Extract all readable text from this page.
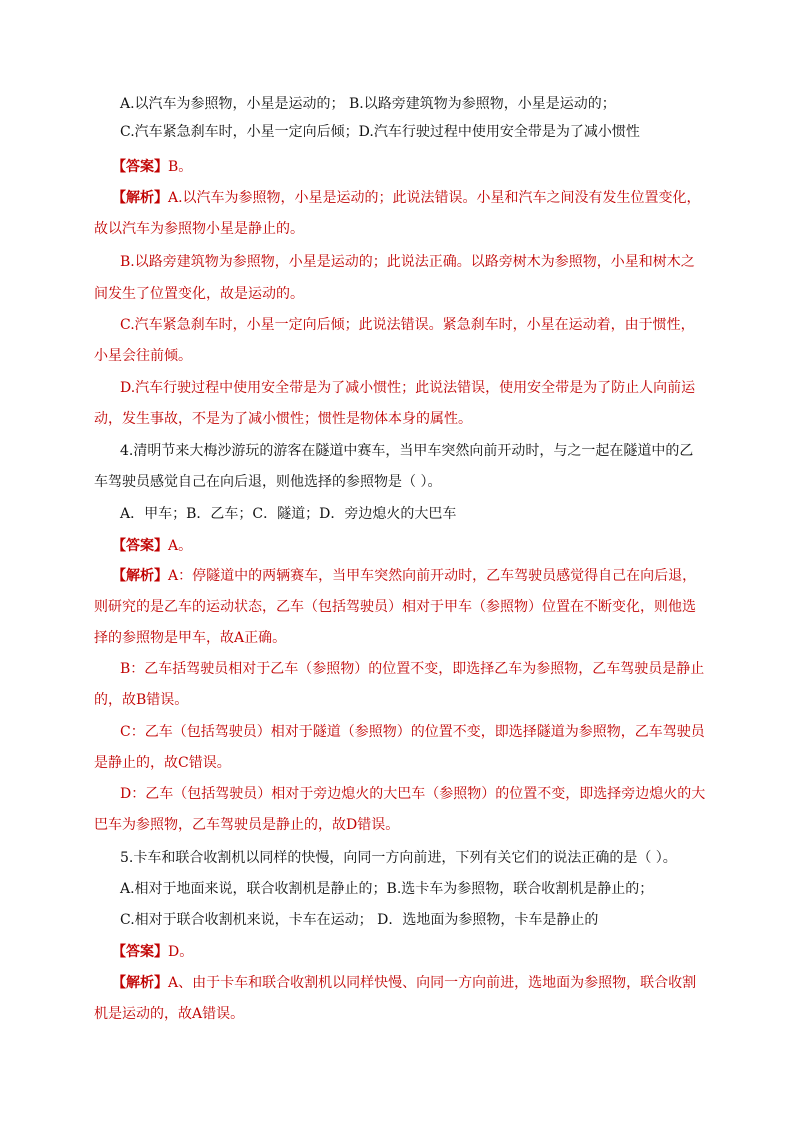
A.以汽车为参照物，小星是运动的； B.以路旁建筑物为参照物，小星是运动的；
C.汽车紧急刹车时，小星一定向后倾；D.汽车行驶过程中使用安全带是为了减小惯性
【答案】B。
【解析】A.以汽车为参照物，小星是运动的；此说法错误。小星和汽车之间没有发生位置变化，
故以汽车为参照物小星是静止的。
B.以路旁建筑物为参照物，小星是运动的；此说法正确。以路旁树木为参照物，小星和树木之
间发生了位置变化，故是运动的。
C.汽车紧急刹车时，小星一定向后倾；此说法错误。紧急刹车时，小星在运动着，由于惯性，
小星会往前倾。
D.汽车行驶过程中使用安全带是为了减小惯性；此说法错误，使用安全带是为了防止人向前运
动，发生事故，不是为了减小惯性；惯性是物体本身的属性。
4.清明节来大梅沙游玩的游客在隧道中赛车，当甲车突然向前开动时，与之一起在隧道中的乙
车驾驶员感觉自己在向后退，则他选择的参照物是（ ）。
A．甲车；B．乙车；C．隧道；D．旁边熄火的大巴车
【答案】A。
【解析】A：停隧道中的两辆赛车，当甲车突然向前开动时，乙车驾驶员感觉得自己在向后退，
则研究的是乙车的运动状态，乙车（包括驾驶员）相对于甲车（参照物）位置在不断变化，则他选
择的参照物是甲车，故A正确。
B：乙车括驾驶员相对于乙车（参照物）的位置不变，即选择乙车为参照物，乙车驾驶员是静止
的，故B错误。
C：乙车（包括驾驶员）相对于隧道（参照物）的位置不变，即选择隧道为参照物，乙车驾驶员
是静止的，故C错误。
D：乙车（包括驾驶员）相对于旁边熄火的大巴车（参照物）的位置不变，即选择旁边熄火的大
巴车为参照物，乙车驾驶员是静止的，故D错误。
5.卡车和联合收割机以同样的快慢，向同一方向前进，下列有关它们的说法正确的是（ ）。
A.相对于地面来说，联合收割机是静止的；B.选卡车为参照物，联合收割机是静止的；
C.相对于联合收割机来说，卡车在运动； D．选地面为参照物，卡车是静止的
【答案】D。
【解析】A、由于卡车和联合收割机以同样快慢、向同一方向前进，选地面为参照物，联合收割
机是运动的，故A错误。
